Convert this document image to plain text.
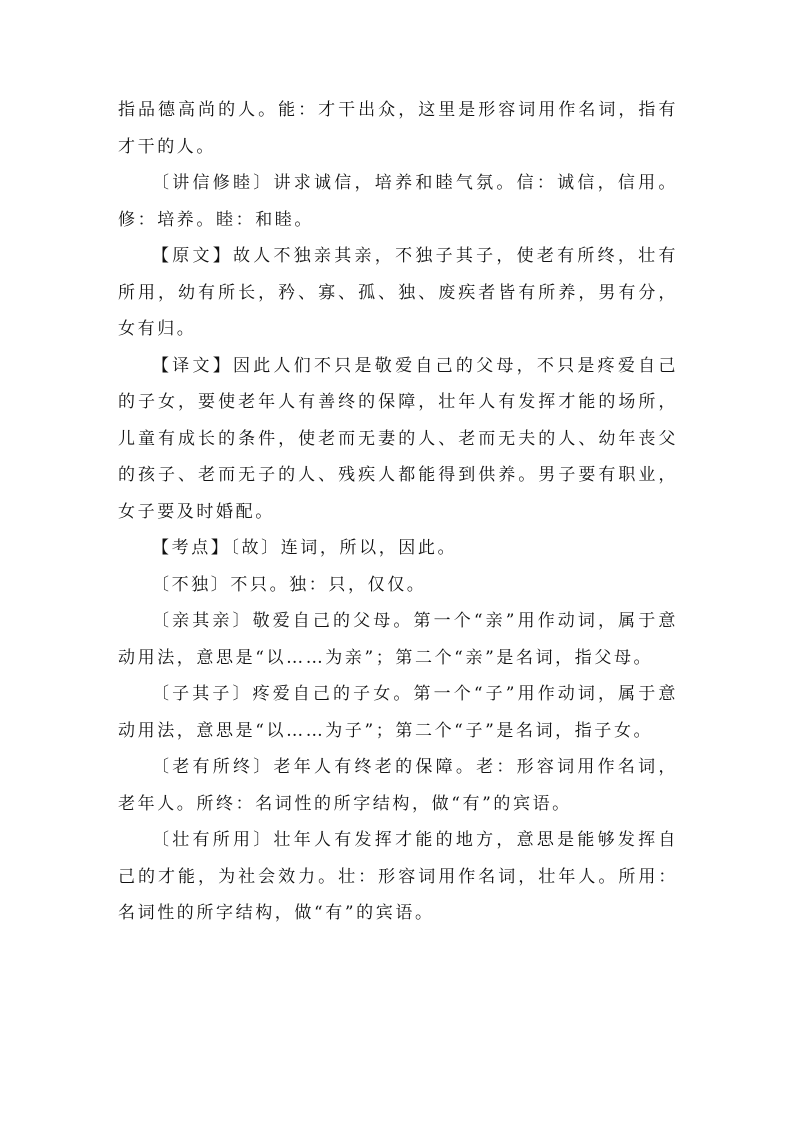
指品德高尚的人。能：才干出众，这里是形容词用作名词，指有才干的人。

〔讲信修睦〕讲求诚信，培养和睦气氛。信：诚信，信用。修：培养。睦：和睦。

【原文】故人不独亲其亲，不独子其子，使老有所终，壮有所用，幼有所长，矜、寡、孤、独、废疾者皆有所养，男有分，女有归。

【译文】因此人们不只是敬爱自己的父母，不只是疼爱自己的子女，要使老年人有善终的保障，壮年人有发挥才能的场所，儿童有成长的条件，使老而无妻的人、老而无夫的人、幼年丧父的孩子、老而无子的人、残疾人都能得到供养。男子要有职业，女子要及时婚配。

【考点】〔故〕连词，所以，因此。

〔不独〕不只。独：只，仅仅。

〔亲其亲〕敬爱自己的父母。第一个“亲”用作动词，属于意动用法，意思是“以……为亲”；第二个“亲”是名词，指父母。

〔子其子〕疼爱自己的子女。第一个“子”用作动词，属于意动用法，意思是“以……为子”；第二个“子”是名词，指子女。

〔老有所终〕老年人有终老的保障。老：形容词用作名词，老年人。所终：名词性的所字结构，做“有”的宾语。

〔壮有所用〕壮年人有发挥才能的地方，意思是能够发挥自己的才能，为社会效力。壮：形容词用作名词，壮年人。所用：名词性的所字结构，做“有”的宾语。
